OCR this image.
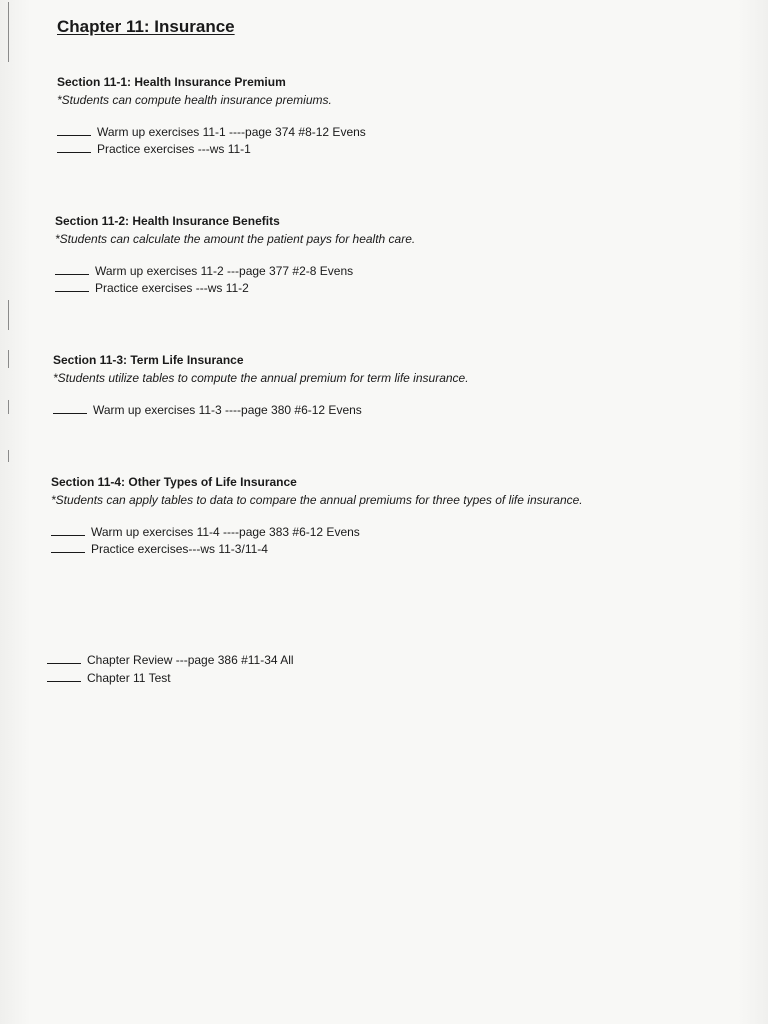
Chapter 11: Insurance
Section 11-1: Health Insurance Premium
*Students can compute health insurance premiums.
Warm up exercises 11-1 ----page 374 #8-12 Evens
Practice exercises ---ws 11-1
Section 11-2: Health Insurance Benefits
*Students can calculate the amount the patient pays for health care.
Warm up exercises 11-2 ---page 377 #2-8 Evens
Practice exercises ---ws 11-2
Section 11-3: Term Life Insurance
*Students utilize tables to compute the annual premium for term life insurance.
Warm up exercises 11-3 ----page 380 #6-12 Evens
Section 11-4: Other Types of Life Insurance
*Students can apply tables to data to compare the annual premiums for three types of life insurance.
Warm up exercises 11-4 ----page 383 #6-12 Evens
Practice exercises---ws 11-3/11-4
Chapter Review ---page 386 #11-34 All
Chapter 11 Test
